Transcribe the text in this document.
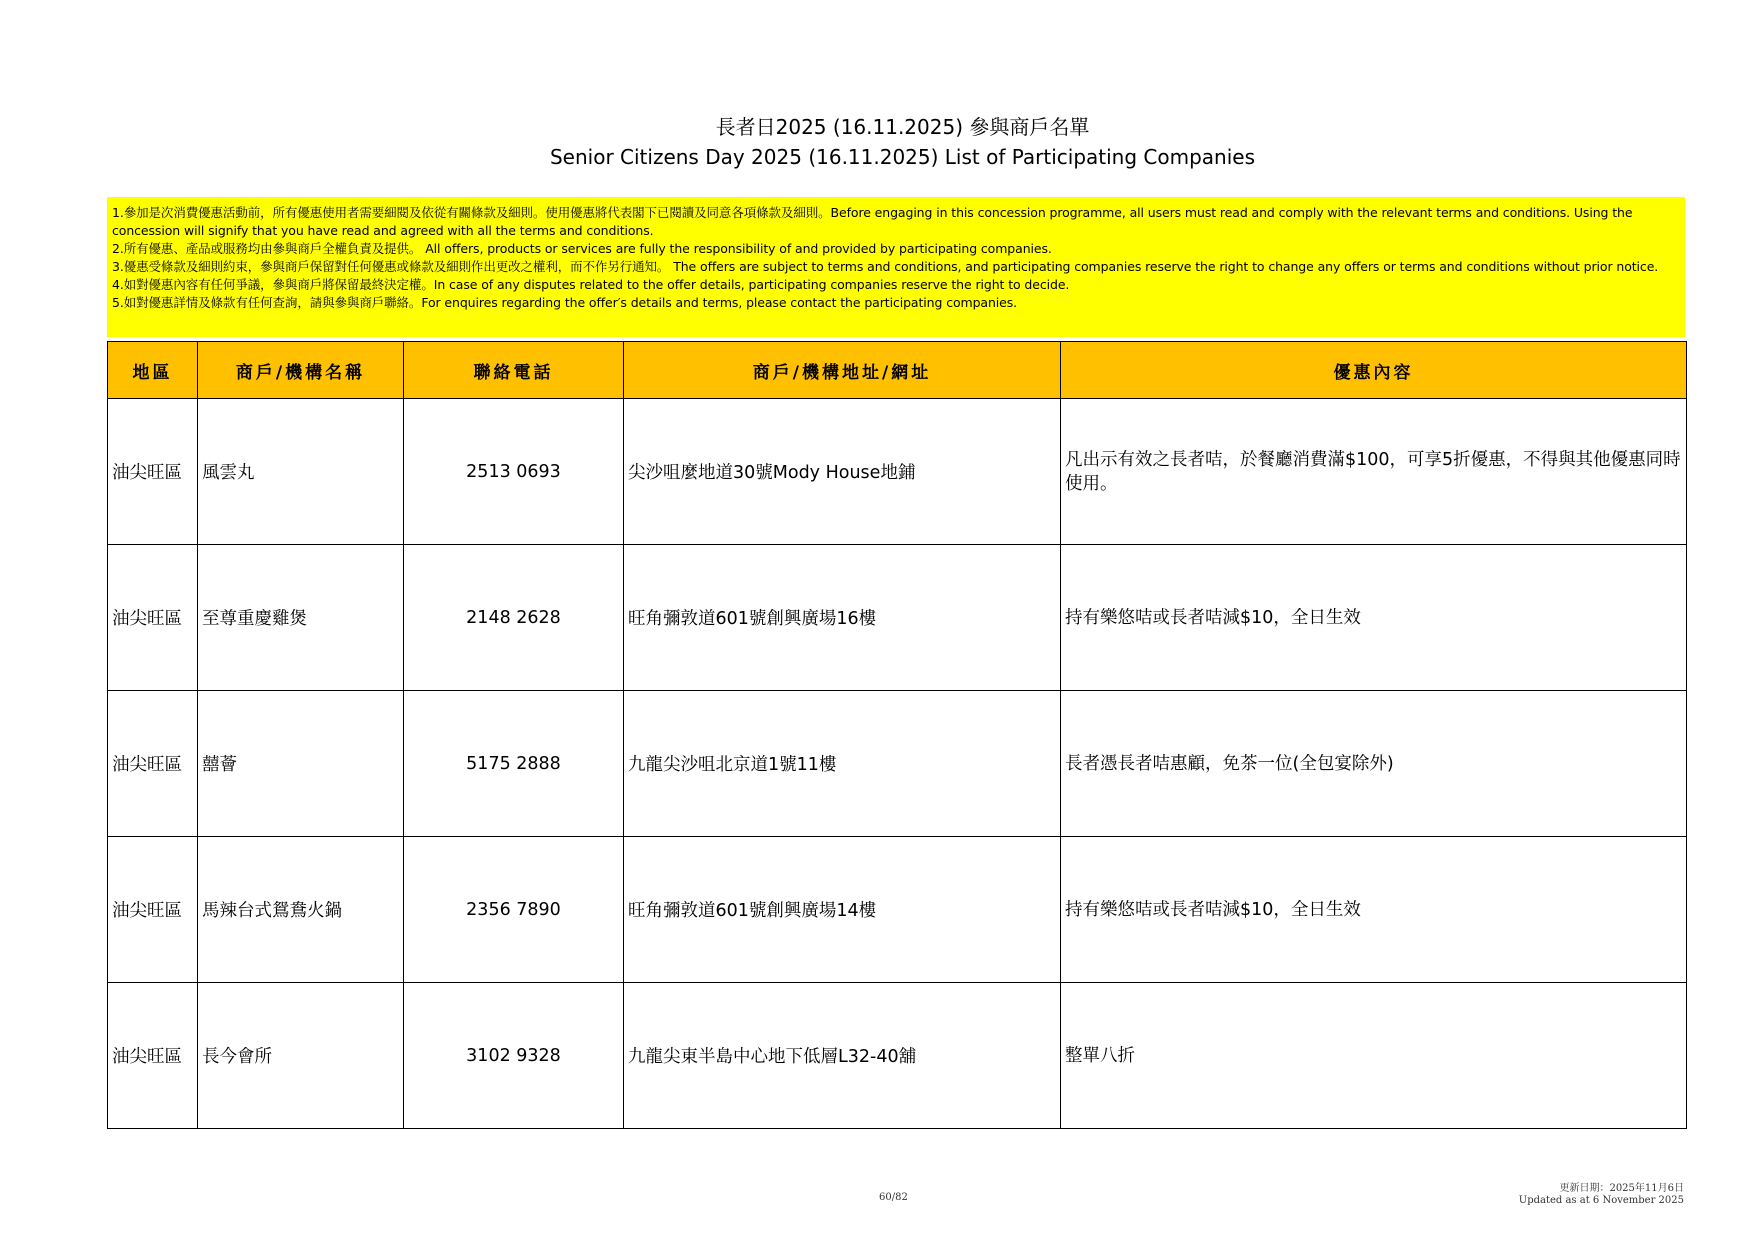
長者日2025 (16.11.2025) 參與商戶名單
Senior Citizens Day 2025 (16.11.2025) List of Participating Companies

1.參加是次消費優惠活動前，所有優惠使用者需要細閱及依從有關條款及細則。使用優惠將代表閣下已閱讀及同意各項條款及細則。Before engaging in this concession programme, all users must read and comply with the relevant terms and conditions. Using the concession will signify that you have read and agreed with all the terms and conditions.

2.所有優惠、產品或服務均由參與商戶全權負責及提供。 All offers, products or services are fully the responsibility of and provided by participating companies.

3.優惠受條款及細則約束，參與商戶保留對任何優惠或條款及細則作出更改之權利，而不作另行通知。 The offers are subject to terms and conditions, and participating companies reserve the right to change any offers or terms and conditions without prior notice.

4.如對優惠內容有任何爭議，參與商戶將保留最終決定權。In case of any disputes related to the offer details, participating companies reserve the right to decide.

5.如對優惠詳情及條款有任何查詢，請與參與商戶聯絡。For enquires regarding the offer′s details and terms, please contact the participating companies.

地區	商戶/機構名稱	聯絡電話	商戶/機構地址/網址	優惠內容
油尖旺區	風雲丸	2513 0693	尖沙咀麼地道30號Mody House地鋪	凡出示有效之長者咭，於餐廳消費滿$100，可享5折優惠，不得與其他優惠同時使用。
油尖旺區	至尊重慶雞煲	2148 2628	旺角彌敦道601號創興廣場16樓	持有樂悠咭或長者咭減$10，全日生效
油尖旺區	囍薈	5175 2888	九龍尖沙咀北京道1號11樓	長者憑長者咭惠顧，免茶一位(全包宴除外)
油尖旺區	馬辣台式鴛鴦火鍋	2356 7890	旺角彌敦道601號創興廣場14樓	持有樂悠咭或長者咭減$10，全日生效
油尖旺區	長今會所	3102 9328	九龍尖東半島中心地下低層L32-40舖	整單八折
60/82
更新日期：2025年11月6日
Updated as at 6 November 2025
